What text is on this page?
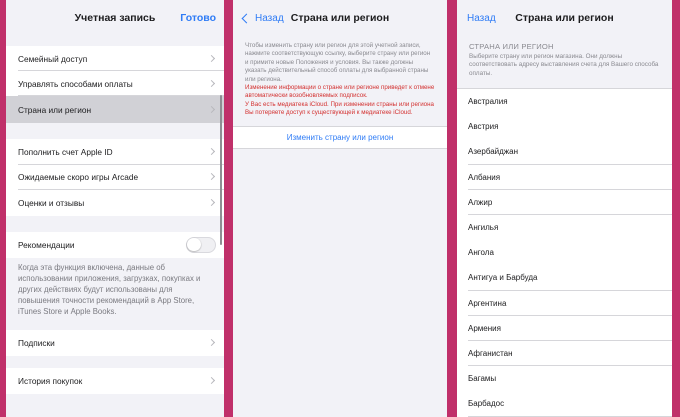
Учетная запись Готово
Семейный доступ
Управлять способами оплаты
Страна или регион
Пополнить счет Apple ID
Ожидаемые скоро игры Arcade
Оценки и отзывы
Рекомендации
Когда эта функция включена, данные об использовании приложения, загрузках, покупках и других действиях будут использованы для повышения точности рекомендаций в App Store, iTunes Store и Apple Books.
Подписки
История покупок
Назад Страна или регион

Чтобы изменить страну или регион для этой учетной записи, нажмите соответствующую ссылку, выберите страну или регион и примите новые Положения и условия. Вы также должны указать действительный способ оплаты для выбранной страны или региона.

Изменение информации о стране или регионе приведет к отмене автоматически возобновляемых подписок.

У Вас есть медиатека iCloud. При изменении страны или региона Вы потеряете доступ к существующей к медиатеке iCloud.

Изменить страну или регион
Назад Страна или регион
СТРАНА ИЛИ РЕГИОН
Выберите страну или регион магазина. Они должны соответствовать адресу выставления счета для Вашего способа оплаты.
Австралия
Австрия
Азербайджан
Албания
Алжир
Ангилья
Ангола
Антигуа и Барбуда
Аргентина
Армения
Афганистан
Багамы
Барбадос
